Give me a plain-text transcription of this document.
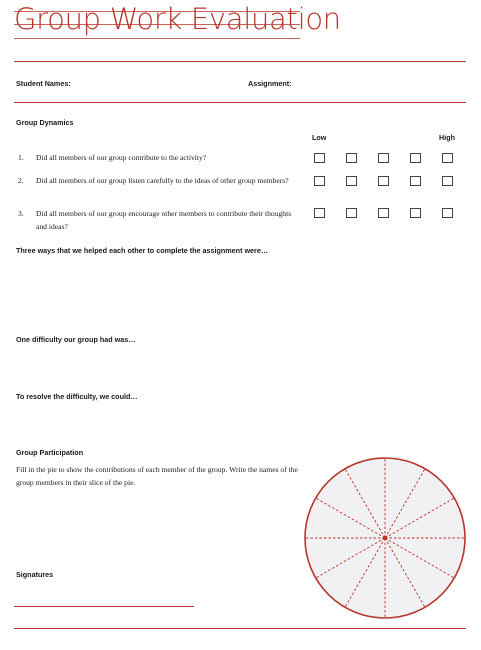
Group Work Evaluation
Student Names:	Assignment:
Group Dynamics
Low	High
1. Did all members of our group contribute to the activity?
2. Did all members of our group listen carefully to the ideas of other group members?
3. Did all members of our group encourage other members to contribute their thoughts and ideas?
Three ways that we helped each other to complete the assignment were…
One difficulty our group had was…
To resolve the difficulty, we could…
Group Participation
Fill in the pie to show the contributions of each member of the group. Write the names of the group members in their slice of the pie.
Signatures
